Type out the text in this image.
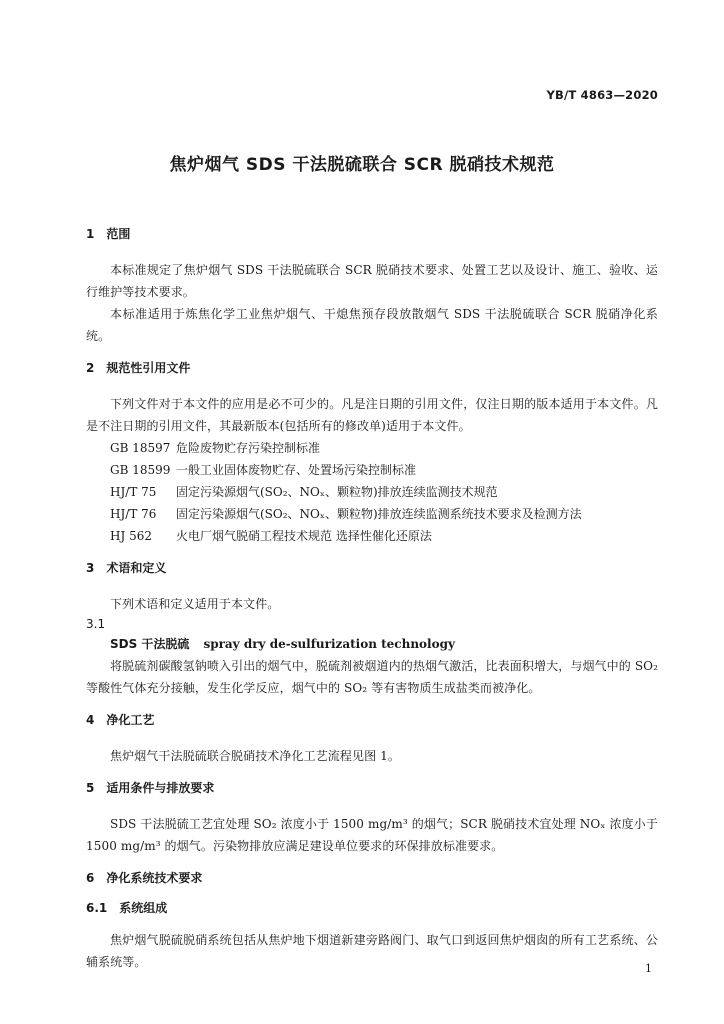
YB/T 4863—2020
焦炉烟气 SDS 干法脱硫联合 SCR 脱硝技术规范
1 范围

本标准规定了焦炉烟气 SDS 干法脱硫联合 SCR 脱硝技术要求、处置工艺以及设计、施工、验收、运行维护等技术要求。

本标准适用于炼焦化学工业焦炉烟气、干熄焦预存段放散烟气 SDS 干法脱硫联合 SCR 脱硝净化系统。

2 规范性引用文件

下列文件对于本文件的应用是必不可少的。凡是注日期的引用文件，仅注日期的版本适用于本文件。凡是不注日期的引用文件，其最新版本(包括所有的修改单)适用于本文件。

GB 18597 危险废物贮存污染控制标准
GB 18599 一般工业固体废物贮存、处置场污染控制标准
HJ/T 75	固定污染源烟气(SO₂、NOₓ、颗粒物)排放连续监测技术规范
HJ/T 76	固定污染源烟气(SO₂、NOₓ、颗粒物)排放连续监测系统技术要求及检测方法
HJ 562	火电厂烟气脱硝工程技术规范 选择性催化还原法
3 术语和定义

下列术语和定义适用于本文件。

3.1

SDS 干法脱硫 spray dry de-sulfurization technology

将脱硫剂碳酸氢钠喷入引出的烟气中，脱硫剂被烟道内的热烟气激活，比表面积增大，与烟气中的 SO₂ 等酸性气体充分接触，发生化学反应，烟气中的 SO₂ 等有害物质生成盐类而被净化。

4 净化工艺

焦炉烟气干法脱硫联合脱硝技术净化工艺流程见图 1。

5 适用条件与排放要求

SDS 干法脱硫工艺宜处理 SO₂ 浓度小于 1500 mg/m³ 的烟气；SCR 脱硝技术宜处理 NOₓ 浓度小于 1500 mg/m³ 的烟气。污染物排放应满足建设单位要求的环保排放标准要求。

6 净化系统技术要求
6.1 系统组成

焦炉烟气脱硫脱硝系统包括从焦炉地下烟道新建旁路阀门、取气口到返回焦炉烟囱的所有工艺系统、公辅系统等。	1
